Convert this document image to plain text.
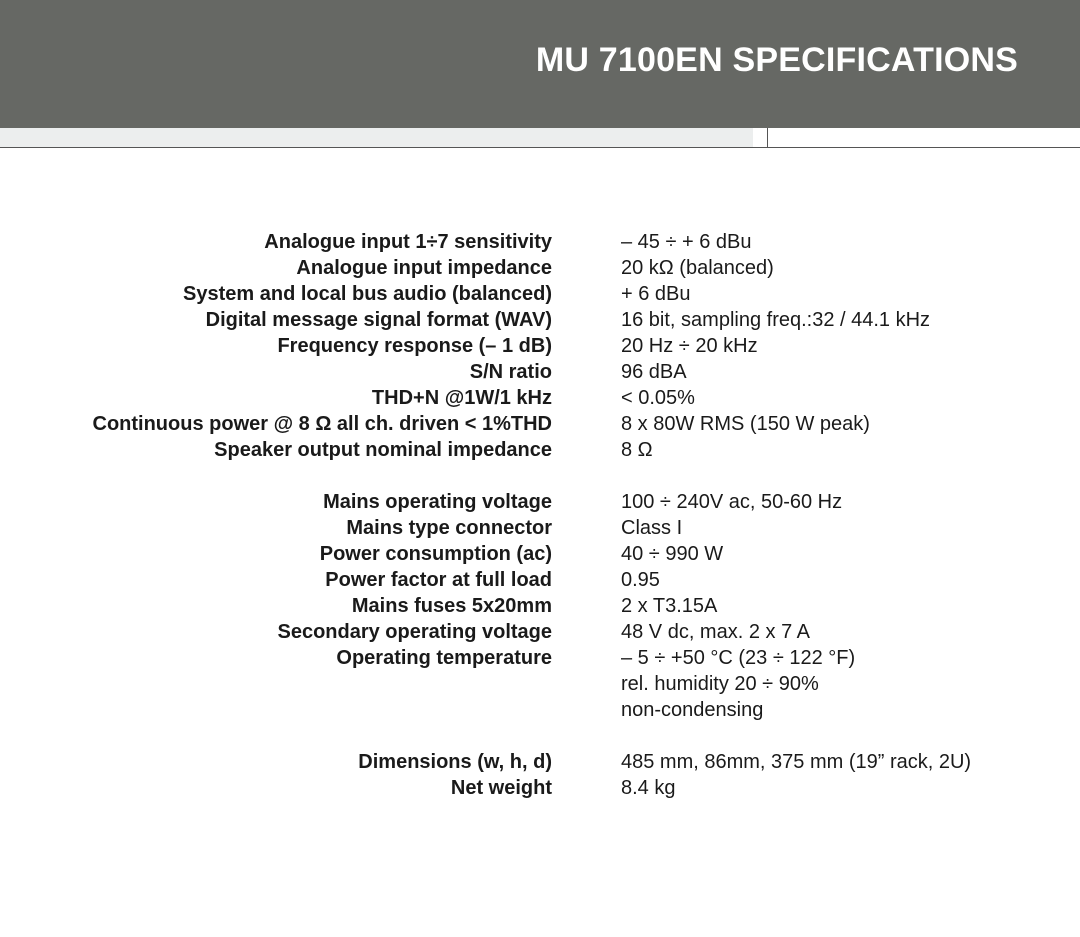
MU 7100EN SPECIFICATIONS
Analogue input 1÷7 sensitivity	– 45 ÷ + 6 dBu
Analogue input impedance	20 kΩ (balanced)
System and local bus audio (balanced)	+ 6 dBu
Digital message signal format (WAV)	16 bit, sampling freq.:32 / 44.1 kHz
Frequency response (– 1 dB)	20 Hz ÷ 20 kHz
S/N ratio	96 dBA
THD+N @1W/1 kHz	< 0.05%
Continuous power @ 8 Ω all ch. driven < 1%THD	8 x 80W RMS (150 W peak)
Speaker output nominal impedance	8 Ω
Mains operating voltage	100 ÷ 240V ac, 50-60 Hz
Mains type connector	Class I
Power consumption (ac)	40 ÷ 990 W
Power factor at full load	0.95
Mains fuses 5x20mm	2 x T3.15A
Secondary operating voltage	48 V dc, max. 2 x 7 A
Operating temperature	– 5 ÷ +50 °C (23 ÷ 122 °F)
rel. humidity 20 ÷ 90%
non-condensing
Dimensions (w, h, d)	485 mm, 86mm, 375 mm (19” rack, 2U)
Net weight	8.4 kg
